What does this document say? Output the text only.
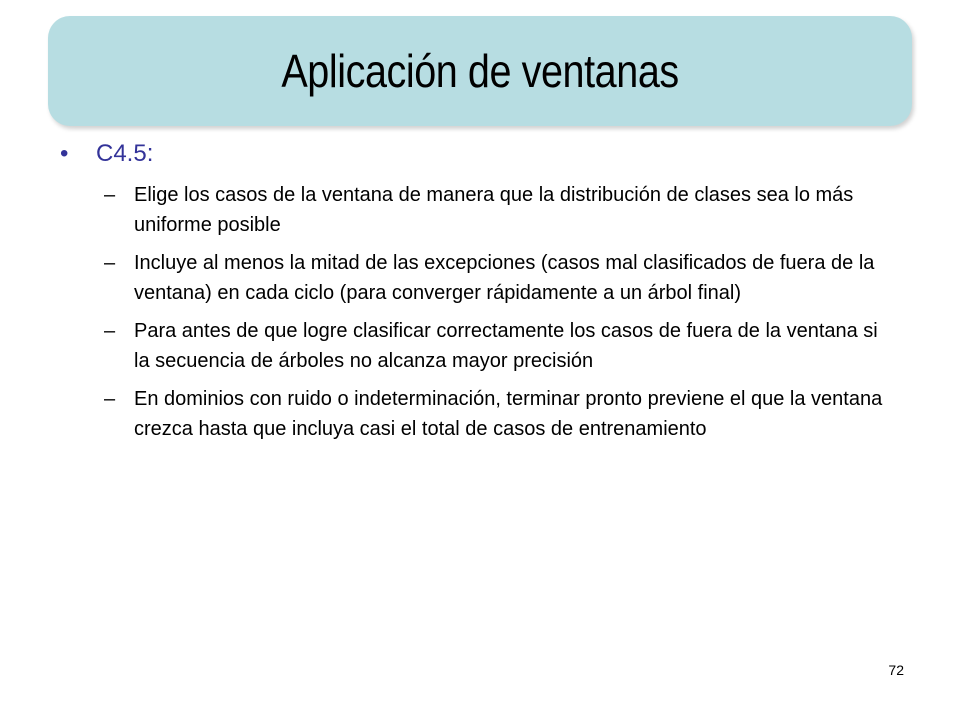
Aplicación de ventanas
•	C4.5:
– Elige los casos de la ventana de manera que la distribución de clases sea lo más uniforme posible
– Incluye al menos la mitad de las excepciones (casos mal clasificados de fuera de la ventana) en cada ciclo (para converger rápidamente a un árbol final)
– Para antes de que logre clasificar correctamente los casos de fuera de la ventana si la secuencia de árboles no alcanza mayor precisión
– En dominios con ruido o indeterminación, terminar pronto previene el que la ventana crezca hasta que incluya casi el total de casos de entrenamiento
72
